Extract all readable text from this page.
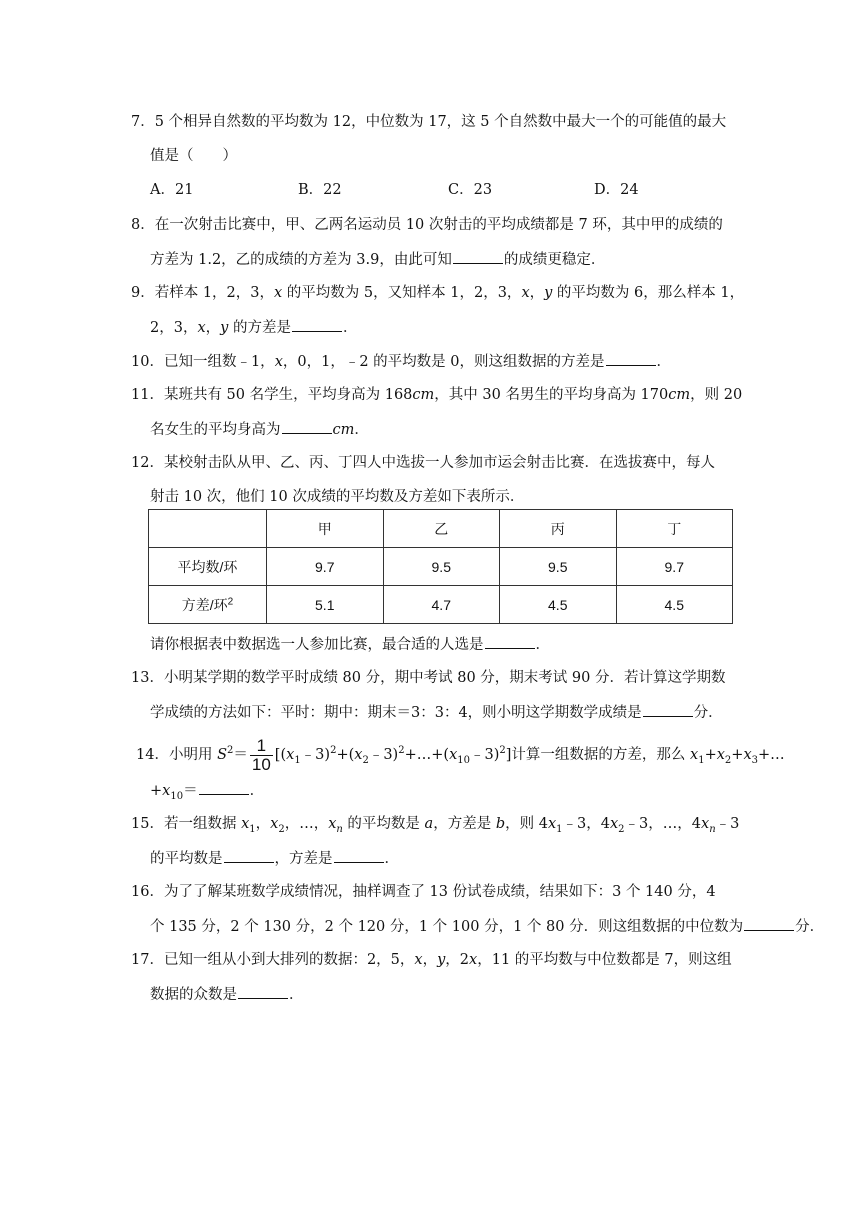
7．5 个相异自然数的平均数为 12，中位数为 17，这 5 个自然数中最大一个的可能值的最大
值是（　　）
A．21	B．22	C．23	D．24
8．在一次射击比赛中，甲、乙两名运动员 10 次射击的平均成绩都是 7 环，其中甲的成绩的
方差为 1.2，乙的成绩的方差为 3.9，由此可知	的成绩更稳定．
9．若样本 1，2，3，x 的平均数为 5，又知样本 1，2，3，x，y 的平均数为 6，那么样本 1，
2，3，x，y 的方差是	．
10．已知一组数﹣1，x，0，1，﹣2 的平均数是 0，则这组数据的方差是	．
11．某班共有 50 名学生，平均身高为 168cm，其中 30 名男生的平均身高为 170cm，则 20
名女生的平均身高为	cm．
12．某校射击队从甲、乙、丙、丁四人中选拔一人参加市运会射击比赛．在选拔赛中，每人
射击 10 次，他们 10 次成绩的平均数及方差如下表所示．
	甲	乙	丙	丁
平均数/环	9.7	9.5	9.5	9.7
方差/环$^2$	5.1	4.7	4.5	4.5
请你根据表中数据选一人参加比赛，最合适的人选是	．
13．小明某学期的数学平时成绩 80 分，期中考试 80 分，期末考试 90 分．若计算这学期数
学成绩的方法如下：平时：期中：期末＝3：3：4，则小明这学期数学成绩是	分．
14．小明用 $S^2= \frac{1}{10}$ $[(x_1﹣3)^2+(x_2﹣3)^2+\dots+(x_{10}﹣3)^2]$计算一组数据的方差，那么 $x_1+x_2+x_3+\dots$
$+x_{10}=$	．
15．若一组数据 $x_1$，$x_2$，…，$x_n$ 的平均数是 a，方差是 b，则 $4x_1﹣3$，$4x_2﹣3$，…，$4x_n﹣3$
的平均数是	，方差是	．
16．为了了解某班数学成绩情况，抽样调查了 13 份试卷成绩，结果如下：3 个 140 分，4
个 135 分，2 个 130 分，2 个 120 分，1 个 100 分，1 个 80 分．则这组数据的中位数为	分．
17．已知一组从小到大排列的数据：2，5，x，y，2x，11 的平均数与中位数都是 7，则这组
数据的众数是	．
